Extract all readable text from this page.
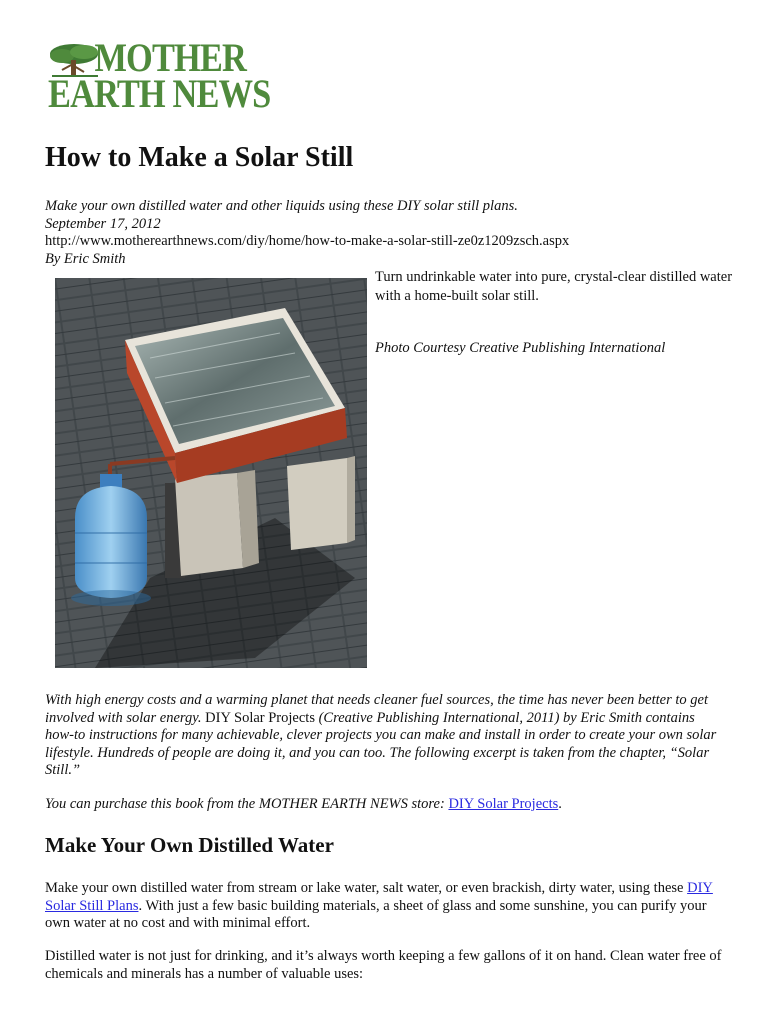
MOTHER
EARTH NEWS
How to Make a Solar Still
Make your own distilled water and other liquids using these DIY solar still plans.
September 17, 2012
http://www.motherearthnews.com/diy/home/how-to-make-a-solar-still-ze0z1209zsch.aspx
By Eric Smith

Turn undrinkable water into pure, crystal-clear distilled water with a home-built solar still.

Photo Courtesy Creative Publishing International

With high energy costs and a warming planet that needs cleaner fuel sources, the time has never been better to get involved with solar energy. DIY Solar Projects (Creative Publishing International, 2011) by Eric Smith contains how-to instructions for many achievable, clever projects you can make and install in order to create your own solar lifestyle. Hundreds of people are doing it, and you can too. The following excerpt is taken from the chapter, “Solar Still.”

You can purchase this book from the MOTHER EARTH NEWS store: DIY Solar Projects.

Make Your Own Distilled Water

Make your own distilled water from stream or lake water, salt water, or even brackish, dirty water, using these DIY Solar Still Plans. With just a few basic building materials, a sheet of glass and some sunshine, you can purify your own water at no cost and with minimal effort.

Distilled water is not just for drinking, and it’s always worth keeping a few gallons of it on hand. Clean water free of chemicals and minerals has a number of valuable uses:
